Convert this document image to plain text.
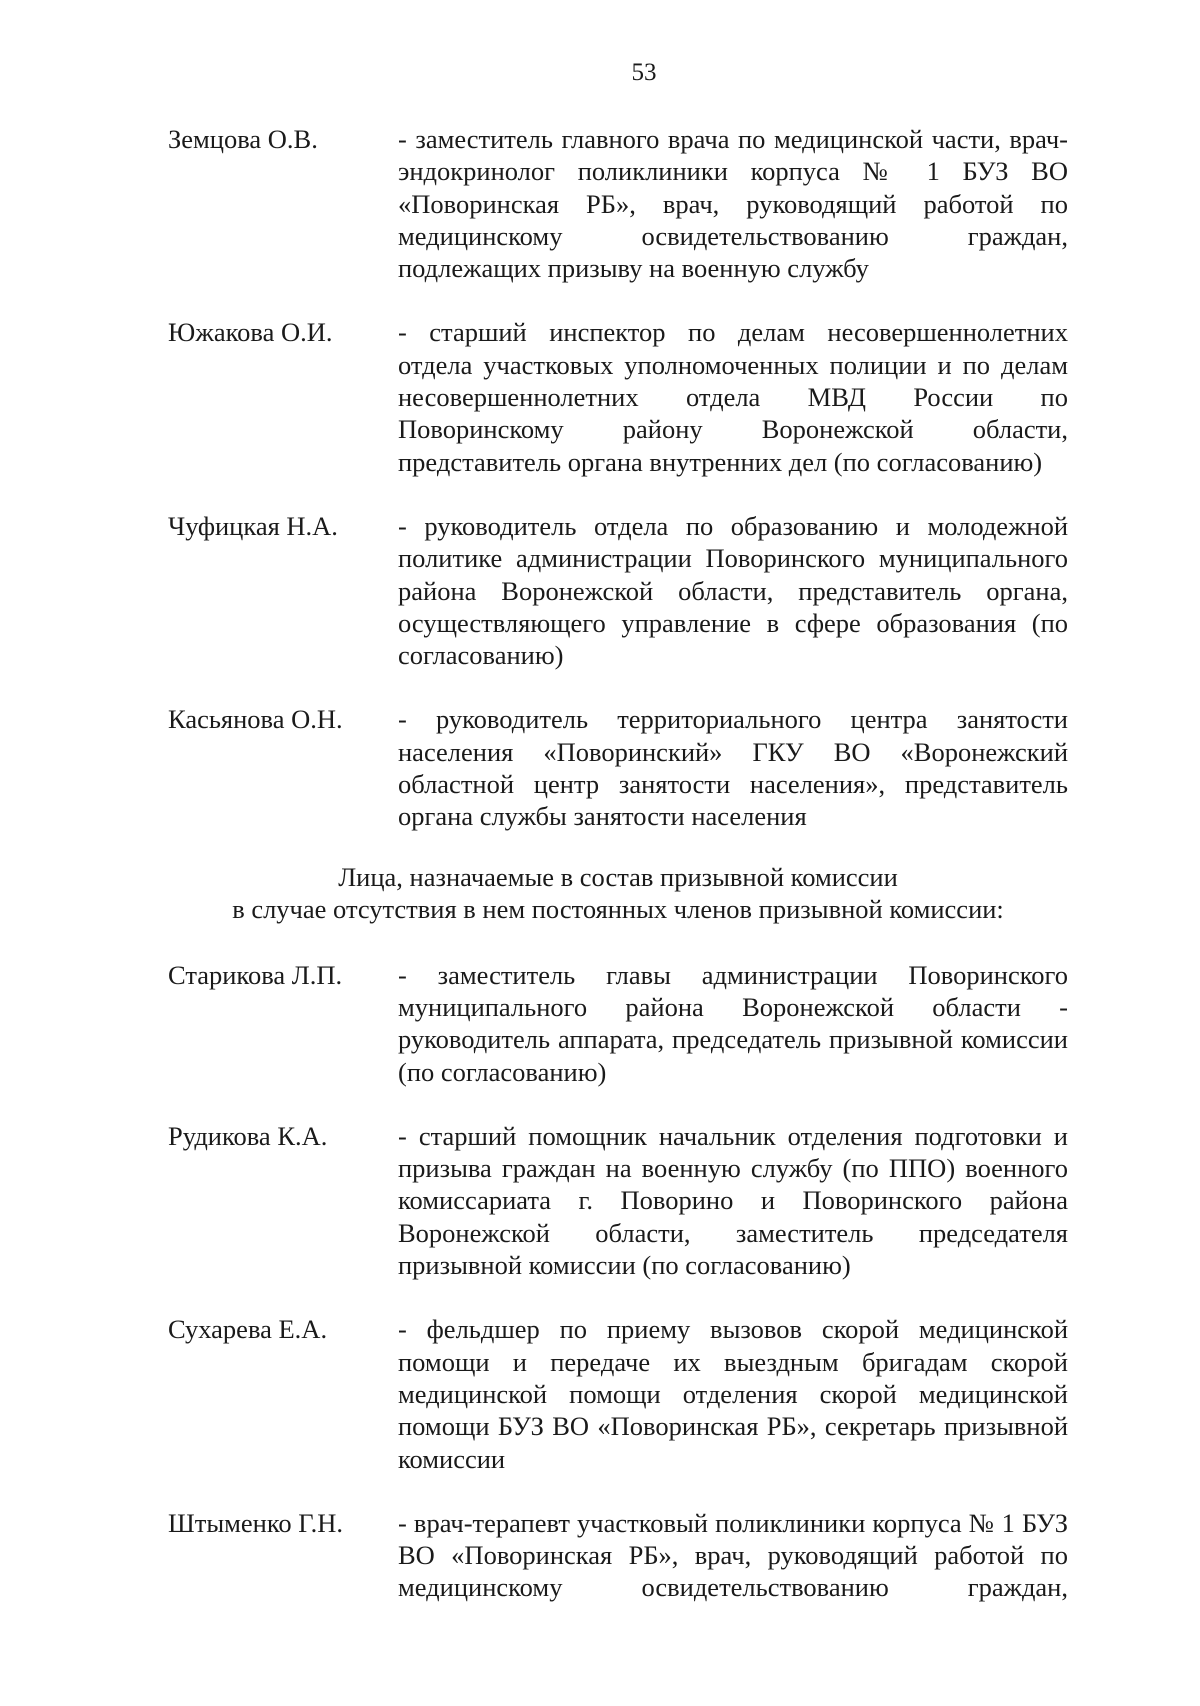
53
Земцова О.В.	- заместитель главного врача по медицинской части, врач-эндокринолог поликлиники корпуса № 1 БУЗ ВО «Поворинская РБ», врач, руководящий работой по медицинскому освидетельствованию граждан, подлежащих призыву на военную службу
Южакова О.И.	- старший инспектор по делам несовершеннолетних отдела участковых уполномоченных полиции и по делам несовершеннолетних отдела МВД России по Поворинскому району Воронежской области, представитель органа внутренних дел (по согласованию)
Чуфицкая Н.А.	- руководитель отдела по образованию и молодежной политике администрации Поворинского муниципального района Воронежской области, представитель органа, осуществляющего управление в сфере образования (по согласованию)
Касьянова О.Н.	- руководитель территориального центра занятости населения «Поворинский» ГКУ ВО «Воронежский областной центр занятости населения», представитель органа службы занятости населения
Лица, назначаемые в состав призывной комиссии
в случае отсутствия в нем постоянных членов призывной комиссии:
Старикова Л.П.	- заместитель главы администрации Поворинского муниципального района Воронежской области - руководитель аппарата, председатель призывной комиссии (по согласованию)
Рудикова К.А.	- старший помощник начальник отделения подготовки и призыва граждан на военную службу (по ППО) военного комиссариата г. Поворино и Поворинского района Воронежской области, заместитель председателя призывной комиссии (по согласованию)
Сухарева Е.А.	- фельдшер по приему вызовов скорой медицинской помощи и передаче их выездным бригадам скорой медицинской помощи отделения скорой медицинской помощи БУЗ ВО «Поворинская РБ», секретарь призывной комиссии
Штыменко Г.Н.	- врач-терапевт участковый поликлиники корпуса № 1 БУЗ ВО «Поворинская РБ», врач, руководящий работой по медицинскому освидетельствованию граждан,
